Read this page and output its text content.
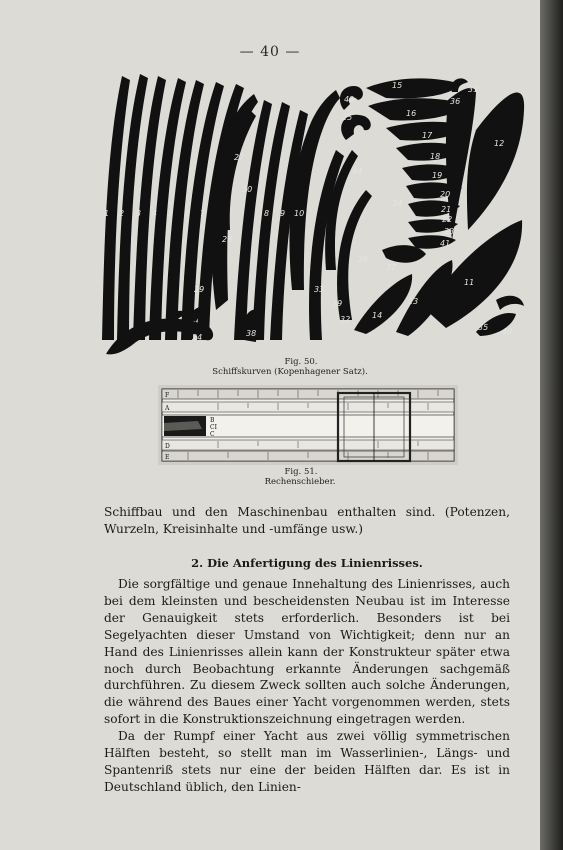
— 40 —
1 2 3 4 5 6 7	8 9 10
11
12
13
14
15
16
17
18
19
20
21
22
23
24
25
26
27
28
29
30
31
32
33
34
35
36
37
38
39
40
41
49
44
Fig. 50.
Schiffskurven (Kopenhagener Satz).
F
A
B
CI
C
D
E
Fig. 51.
Rechenschieber.

Schiffbau und den Maschinenbau enthalten sind. (Potenzen, Wurzeln, Kreisinhalte und -umfänge usw.)

2. Die Anfertigung des Linienrisses.

Die sorgfältige und genaue Innehaltung des Linienrisses, auch bei dem kleinsten und bescheidensten Neubau ist im Interesse der Genauigkeit stets erforderlich. Besonders ist bei Segelyachten dieser Umstand von Wichtigkeit; denn nur an Hand des Linienrisses allein kann der Konstrukteur später etwa noch durch Beobachtung erkannte Änderungen sachgemäß durchführen. Zu diesem Zweck sollten auch solche Änderungen, die während des Baues einer Yacht vorgenommen werden, stets sofort in die Konstruktionszeichnung eingetragen werden.

Da der Rumpf einer Yacht aus zwei völlig symmetrischen Hälften besteht, so stellt man im Wasserlinien-, Längs- und Spantenriß stets nur eine der beiden Hälften dar. Es ist in Deutschland üblich, den Linien-
